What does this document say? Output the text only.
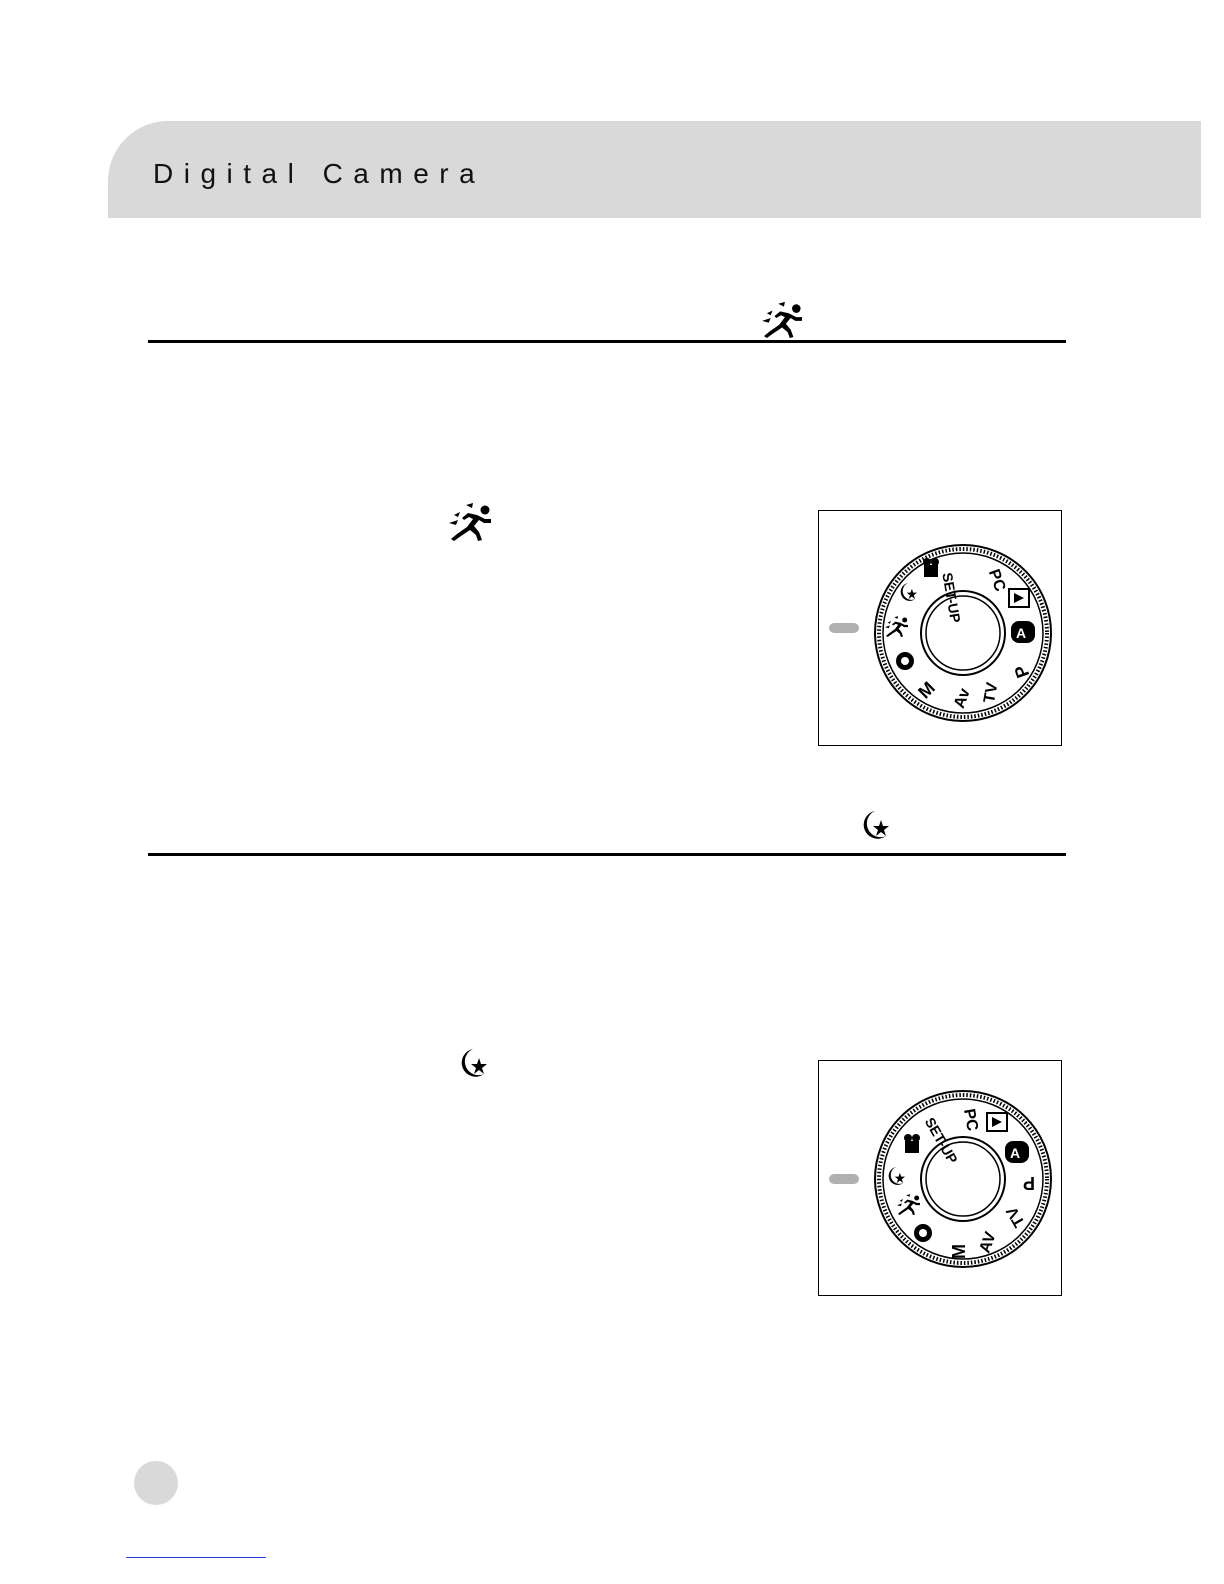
Digital Camera
SET-UP PC
Av
M	TV
P
A
SET-UP PC
AV
M
TV
P
A
